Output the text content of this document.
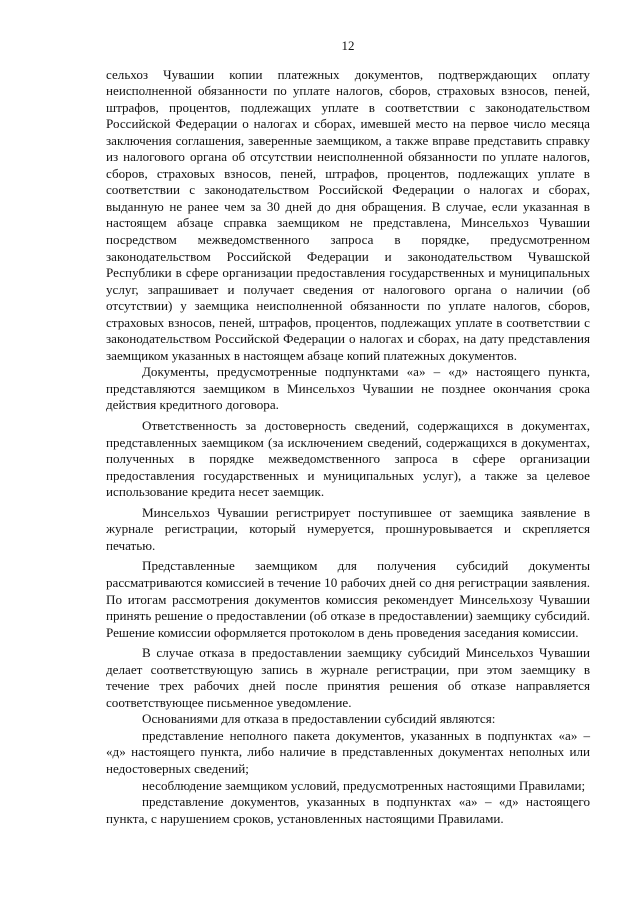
12

сельхоз Чувашии копии платежных документов, подтверждающих оплату неисполненной обязанности по уплате налогов, сборов, страховых взносов, пеней, штрафов, процентов, подлежащих уплате в соответствии с законодательством Российской Федерации о налогах и сборах, имевшей место на первое число месяца заключения соглашения, заверенные заемщиком, а также вправе представить справку из налогового органа об отсутствии неисполненной обязанности по уплате налогов, сборов, страховых взносов, пеней, штрафов, процентов, подлежащих уплате в соответствии с законодательством Российской Федерации о налогах и сборах, выданную не ранее чем за 30 дней до дня обращения. В случае, если указанная в настоящем абзаце справка заемщиком не представлена, Минсельхоз Чувашии посредством межведомственного запроса в порядке, предусмотренном законодательством Российской Федерации и законодательством Чувашской Республики в сфере организации предоставления государственных и муниципальных услуг, запрашивает и получает сведения от налогового органа о наличии (об отсутствии) у заемщика неисполненной обязанности по уплате налогов, сборов, страховых взносов, пеней, штрафов, процентов, подлежащих уплате в соответствии с законодательством Российской Федерации о налогах и сборах, на дату представления заемщиком указанных в настоящем абзаце копий платежных документов.

Документы, предусмотренные подпунктами «а» – «д» настоящего пункта, представляются заемщиком в Минсельхоз Чувашии не позднее окончания срока действия кредитного договора.

Ответственность за достоверность сведений, содержащихся в документах, представленных заемщиком (за исключением сведений, содержащихся в документах, полученных в порядке межведомственного запроса в сфере организации предоставления государственных и муниципальных услуг), а также за целевое использование кредита несет заемщик.

Минсельхоз Чувашии регистрирует поступившее от заемщика заявление в журнале регистрации, который нумеруется, прошнуровывается и скрепляется печатью.

Представленные заемщиком для получения субсидий документы рассматриваются комиссией в течение 10 рабочих дней со дня регистрации заявления. По итогам рассмотрения документов комиссия рекомендует Минсельхозу Чувашии принять решение о предоставлении (об отказе в предоставлении) заемщику субсидий. Решение комиссии оформляется протоколом в день проведения заседания комиссии.

В случае отказа в предоставлении заемщику субсидий Минсельхоз Чувашии делает соответствующую запись в журнале регистрации, при этом заемщику в течение трех рабочих дней после принятия решения об отказе направляется соответствующее письменное уведомление.

Основаниями для отказа в предоставлении субсидий являются:

представление неполного пакета документов, указанных в подпунктах «а» – «д» настоящего пункта, либо наличие в представленных документах неполных или недостоверных сведений;

несоблюдение заемщиком условий, предусмотренных настоящими Правилами;

представление документов, указанных в подпунктах «а» – «д» настоящего пункта, с нарушением сроков, установленных настоящими Правилами.
